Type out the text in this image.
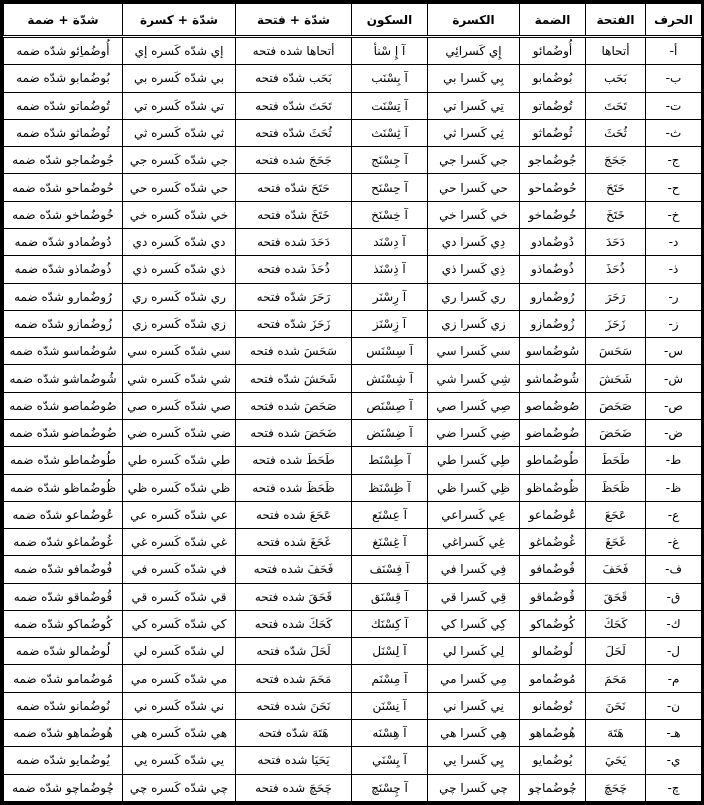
الحرف	الفتحة	الضمة	الكسرة	السكون	شدّة + فتحة	شدّة + كسرة	شدّة + ضمة
أ-	أتحاها	أُوضُمائو	إِي كَسرائِي	آ إِ سْنأ	أتحاها شده فتحه	إي شدّه كَسره إي	أُوضُماِئو شدّه ضمه
ب-	بَحَب	بُوضُمابو	بِي كَسرا بي	آ بِسْنَب	بَحَب شدّه فتحه	بي شدّه كَسره بي	بُوضُمابو شدّه ضمه
ت-	تَحَتَ	تُوضُماتو	تِي كَسرا تي	آ تِسْنَت	تَحَتَ شدّه فتحه	تي شدّه كَسره تي	تُوضُماتو شدّه ضمه
ث-	ثُحَثَ	ثُوضُماثو	ثِي كَسرا ثي	آ ثِسْنَث	ثُحَثَ شدّه فتحه	ثي شدّه كَسره ثي	ثُوضُماثو شدّه ضمه
ج-	جَحَجَ	جُوضُماجو	جي كَسرا جي	آ جِسْنَج	جَحَجَ شده فتحه	جي شدّه كَسره جي	جُوضُماجو شدّه ضمه
ح-	حَتَحَ	حُوضُماحو	حي كَسرا حي	آ حِسْنَح	حَتَحَ شدّه فتحه	حي شدّه كَسره حي	حُوضُماحو شدّه ضمه
خ-	خَتَخَ	خُوضُماخو	خي كَسرا خي	آ خِسْنَخ	خَتَخَ شدّه فتحه	خي شدّه كَسره خي	خُوضُماخو شدّه ضمه
د-	دَحَدَ	دُوضُمادو	دِي كَسرا دي	آ دِسْنَد	دَحَدَ شده فتحه	دي شدّه كَسره دي	دُوضُمادو شدّه ضمه
ذ-	ذُحَذَ	ذُوضُماذو	ذِي كَسرا ذي	آ ذِسْنَذ	ذُحَذَ شده فتحه	ذي شدّه كَسره ذي	ذُوضُماذو شدّه ضمه
ر-	رَحَرَ	رُوضُمارو	ري كَسرا ري	آ رِسْنَر	رَحَرَ شدّه فتحه	ري شدّه كَسره ري	رُوضُمارو شدّه ضمه
ز-	زَحَزَ	زُوضُمازو	زي كَسرا زي	آ زِسْنَز	زَحَزَ شدّه فتحه	زي شدّه كَسره زي	زُوضُمازو شدّه ضمه
س-	سَحَسَ	سُوضُماسو	سي كَسرا سي	آ سِسْنَس	سَحَسَ شده فتحه	سي شدّه كَسره سي	سُوضُماسو شدّه ضمه
ش-	شَحَشَ	شُوضُماشو	شِي كَسرا شي	آ شِسْنَش	شَحَشَ شدّه فتحه	شي شدّه كَسره شي	شُوضُماشو شدّه ضمه
ص-	صَحَصَ	صُوضُماصو	صِي كَسرا صي	آ صِسْنَص	صَحَصَ شده فتحه	صي شدّه كَسره صي	صُوضُماصو شدّه ضمه
ض-	ضَحَضَ	ضُوضُماضو	ضِي كَسرا ضي	آ ضِسْنَض	ضَحَضَ شده فتحه	ضي شدّه كَسره ضي	ضُوضُماضو شدّه ضمه
ط-	طَحَطَ	طُوضُماطو	طِي كَسرا طي	آ طِسْنَط	طَحَطَ شده فتحه	طي شدّه كَسره طي	طُوضُماطو شدّه ضمه
ظ-	ظَحَظَ	ظُوضُماظو	ظِي كَسرا ظي	آ ظِسْنَظ	ظَحَظَ شده فتحه	ظي شدّه كَسره ظي	ظُوضُماظو شدّه ضمه
ع-	عَحَعَ	عُوضُماعو	عِي كَسراعي	آ عِسْنَع	عَحَعَ شده فتحه	عي شدّه كَسره عي	عُوضُماعو شدّه ضمه
غ-	غَحَغَ	غُوضُماغو	غِي كَسراغي	آ غِسْنَغ	غَحَغَ شده فتحه	غي شدّه كَسره غي	غُوضُماغو شدّه ضمه
ف-	فَحَفَ	فُوضُمافو	فِي كَسرا في	آ فِسْنَف	فَحَفَ شده فتحه	في شدّه كَسره في	فُوضُمافو شدّه ضمه
ق-	قَحَقَ	قُوضُماقو	قِي كَسرا قي	آ قِسْنَق	قَحَقَ شده فتحه	قي شدّه كَسره قي	قُوضُماقو شدّه ضمه
ك-	كَحَكَ	كُوضُماكو	كِي كَسرا كي	آ كِسْنَك	كَحَكَ شده فتحه	كي شدّه كَسره كي	كُوضُماكو شدّه ضمه
ل-	لَحَلَ	لُوضُمالو	لِي كَسرا لي	آ لِسْنَل	لَحَلَ شدّه فتحه	لي شدّه كَسره لي	لُوضُمالو شدّه ضمه
م-	مَحَمَ	مُوضُمامو	مِي كَسرا مي	آ مِسْنَم	مَحَمَ شده فتحه	مي شدّه كَسره مي	مُوضُمامو شدّه ضمه
ن-	نَحَنَ	نُوضُمانو	نِي كَسرا ني	آ نِسْنَن	نَحَنَ شده فتحه	ني شدّه كَسره ني	نُوضُمانو شدّه ضمه
هـ-	هَتَهَ	هُوضُماهو	هِي كَسرا هي	آ هِسْنَه	هَتَهَ شدّه فتحه	هي شدّه كَسره هي	هُوضُماهو شدّه ضمه
ي-	يَحَيَ	يُوضُمايو	يِي كَسرا يي	آ يِسْنَي	يَحَيَا شده فتحه	يي شدّه كَسره يي	يُوضُمايو شدّه ضمه
چ-	چَحَچَ	چُوضُماچو	چي كَسرا چي	آ چِسْنَچ	چَحَچَ شده فتحه	چي شدّه كَسره چي	چُوضُماچو شدّه ضمه
